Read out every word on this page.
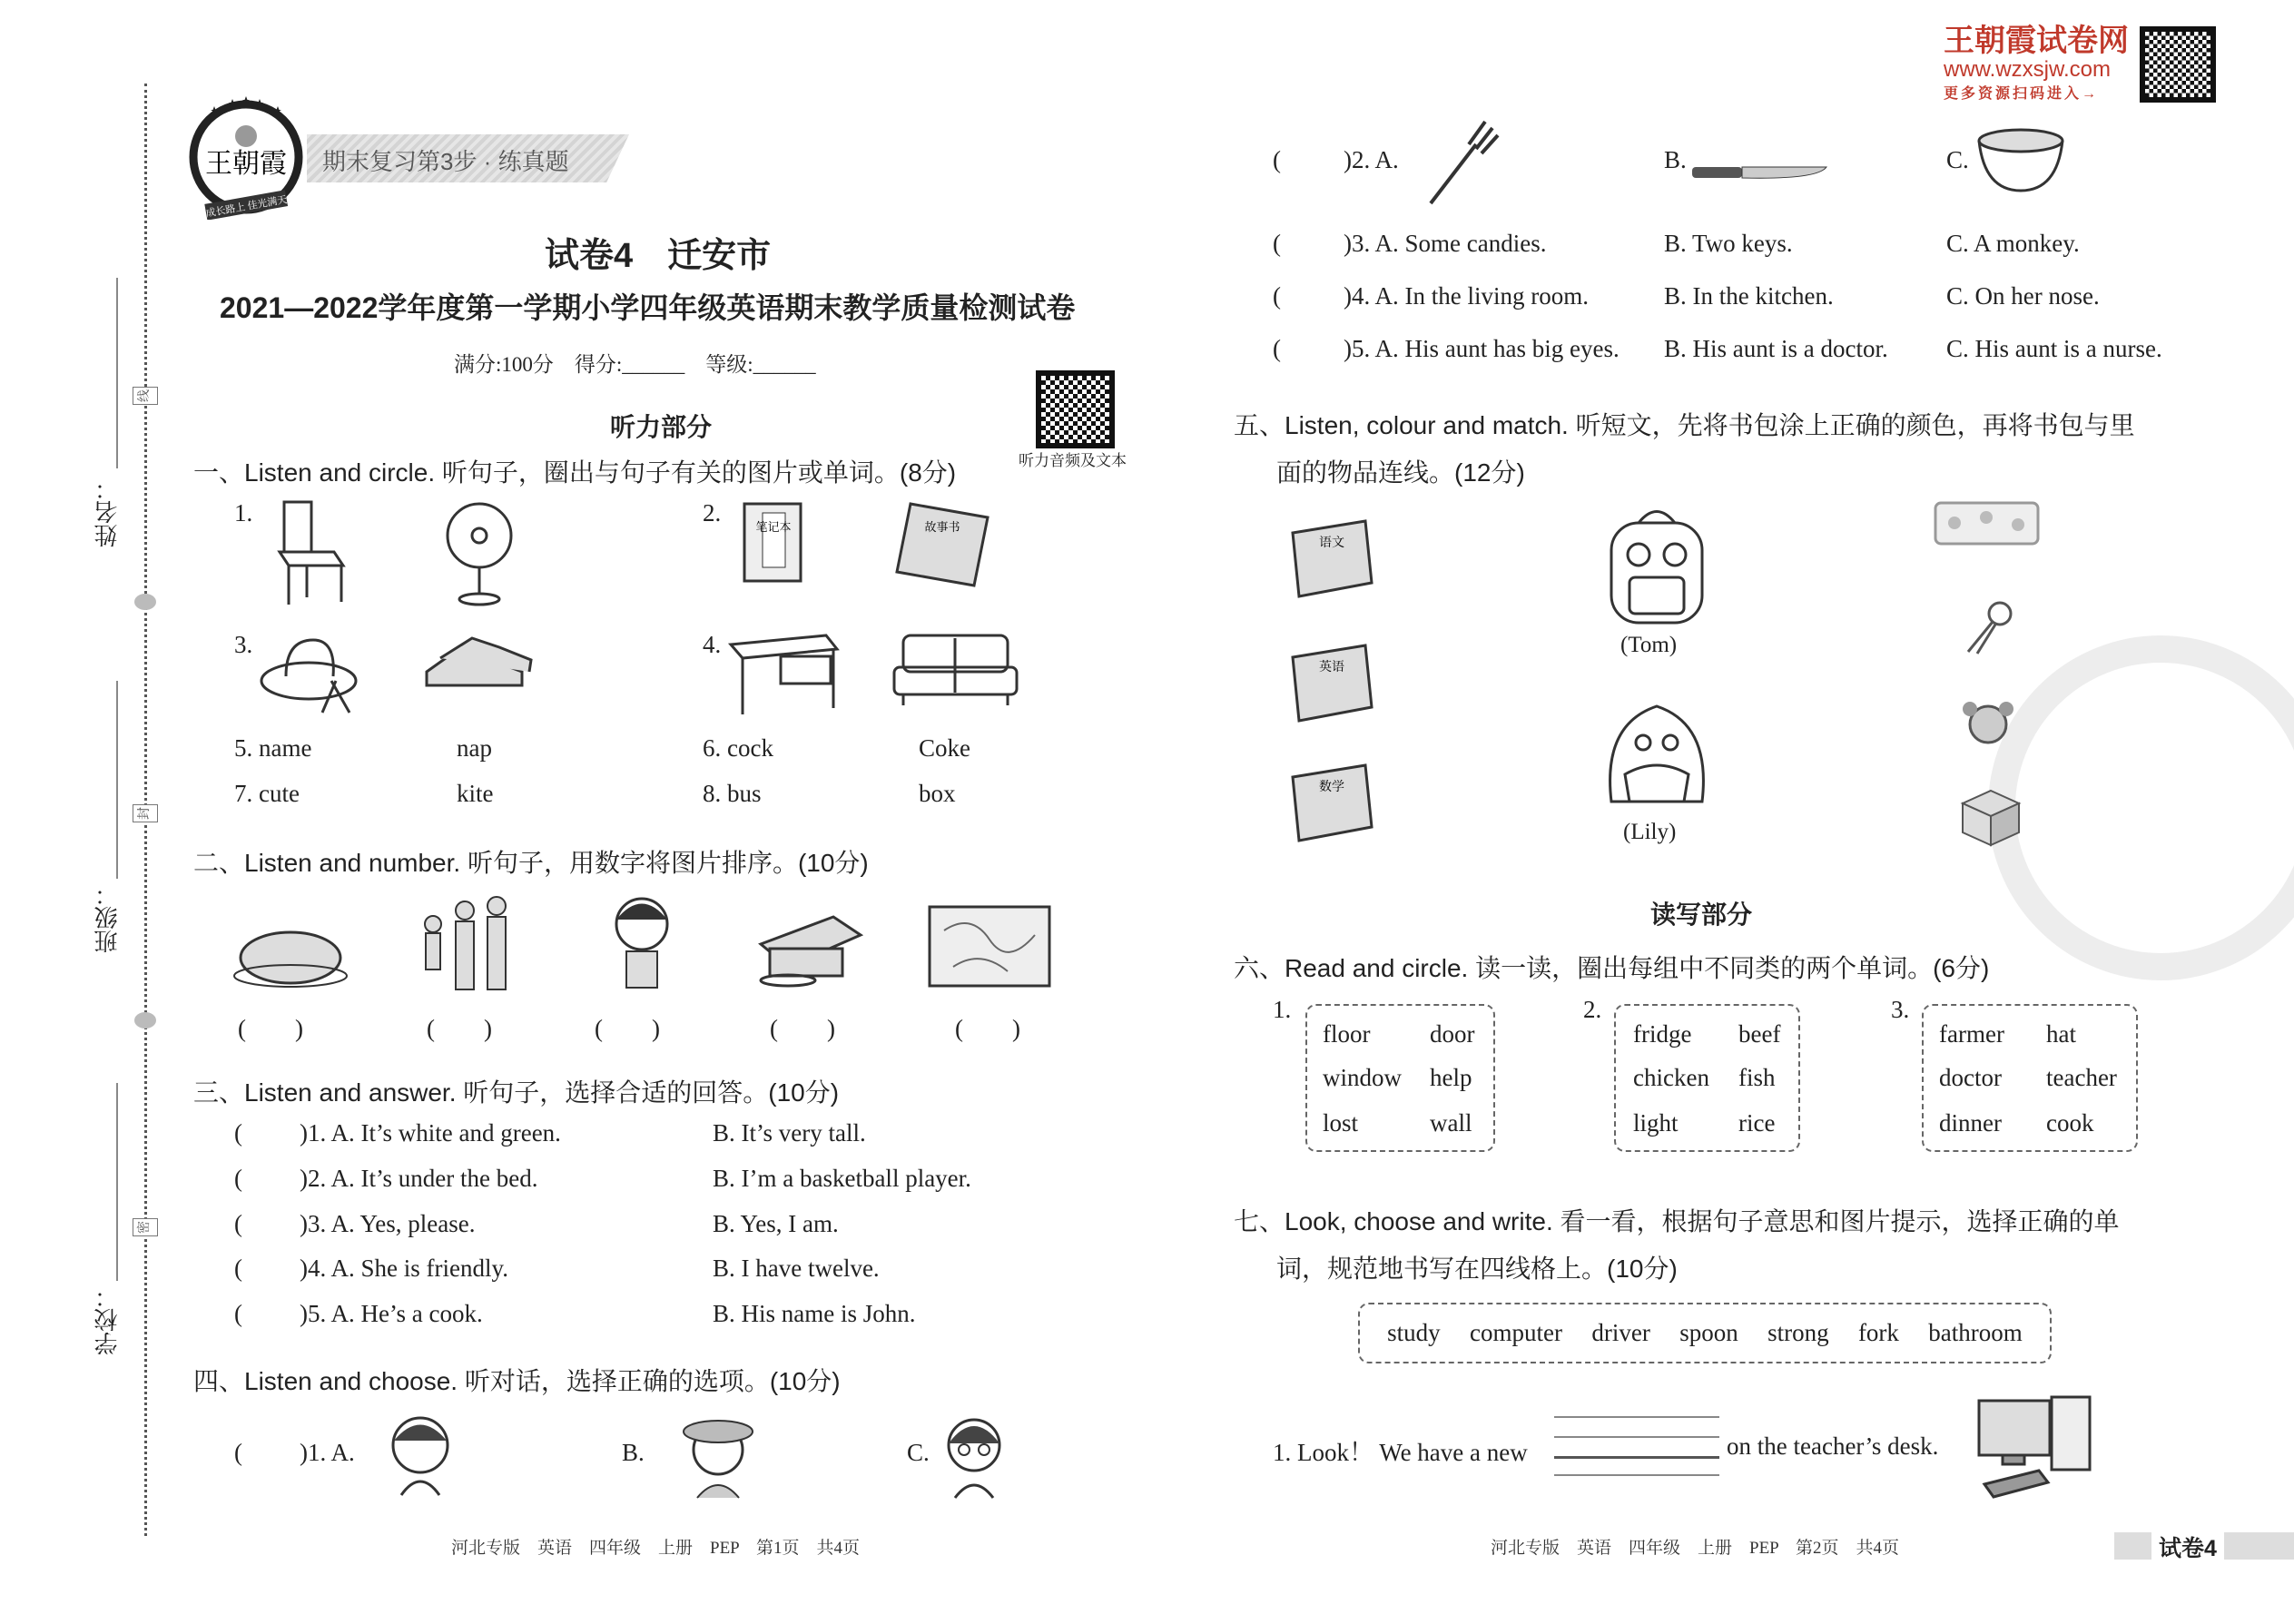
姓名：
班级：
学校：
线
封
密
王朝霞
成长路上 佳光满天
期末复习第3步 · 练真题
试卷4　迁安市
2021—2022学年度第一学期小学四年级英语期末教学质量检测试卷
满分:100分　得分:______　等级:______
听力音频及文本
听力部分
一、Listen and circle. 听句子，圈出与句子有关的图片或单词。(8分)
1.	2.
笔记本	故事书
3.	4.
5. name	nap	6. cock	Coke
7. cute	kite	8. bus	box
二、Listen and number. 听句子，用数字将图片排序。(10分)
(　　)	(　　)	(　　)	(　　)	(　　)
三、Listen and answer. 听句子，选择合适的回答。(10分)
( )1. A. It’s white and green.	B. It’s very tall.
( )2. A. It’s under the bed.	B. I’m a basketball player.
( )3. A. Yes, please.	B. Yes, I am.
( )4. A. She is friendly.	B. I have twelve.
( )5. A. He’s a cook.	B. His name is John.
四、Listen and choose. 听对话，选择正确的选项。(10分)
( )1. A.	B.	C.
河北专版　英语　四年级　上册　PEP　第1页　共4页
王朝霞试卷网
www.wzxsjw.com
更多资源扫码进入→
(	)2. A.	B.	C.
(	)3. A. Some candies.	B. Two keys.	C. A monkey.
(	)4. A. In the living room.	B. In the kitchen.	C. On her nose.
(	)5. A. His aunt has big eyes. B. His aunt is a doctor. C. His aunt is a nurse.
五、Listen, colour and match. 听短文，先将书包涂上正确的颜色，再将书包与里
面的物品连线。(12分)
语文
英语
数学
(Tom)
(Lily)
读写部分
六、Read and circle. 读一读，圈出每组中不同类的两个单词。(6分)
1.
floor door
window help
lost	wall
2.
fridge beef
chicken fish
light rice
3.
farmer hat
doctor teacher
dinner cook
七、Look, choose and write. 看一看，根据句子意思和图片提示，选择正确的单
词，规范地书写在四线格上。(10分)
study computer driver spoon strong fork bathroom
1. Look！ We have a new	on the teacher’s desk.
河北专版　英语　四年级　上册　PEP　第2页　共4页	试卷4
